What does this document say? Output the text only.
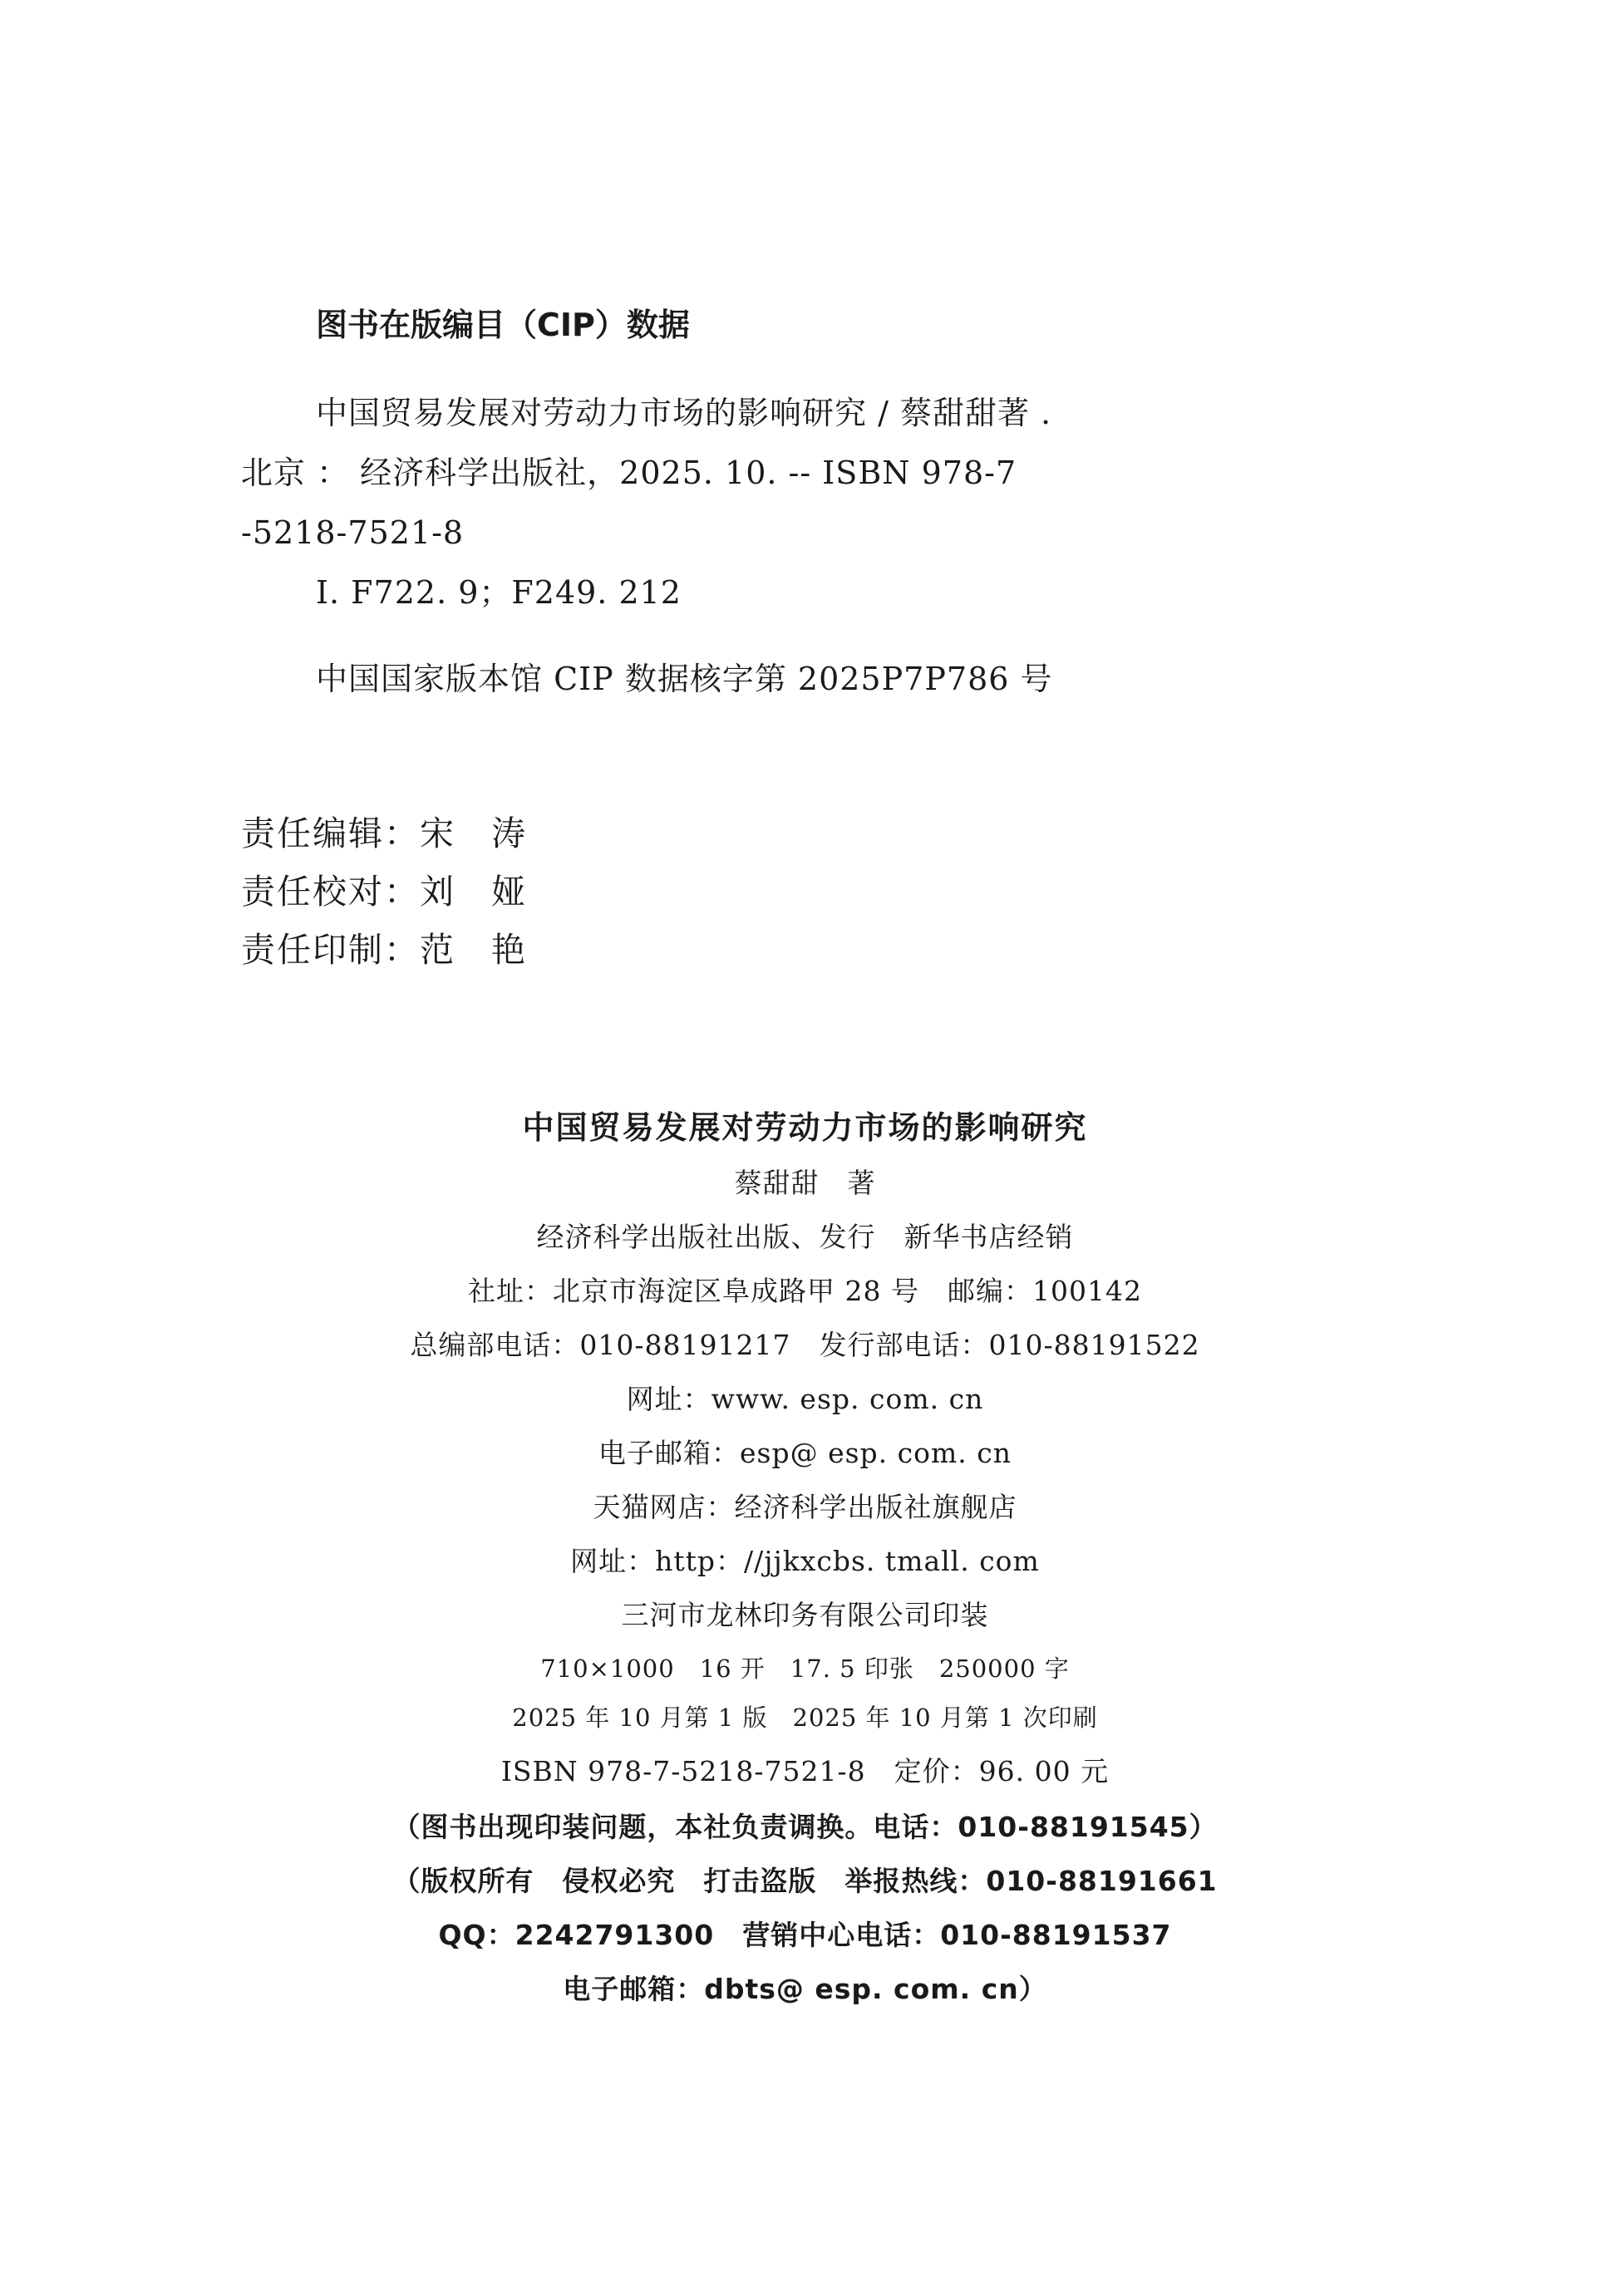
图书在版编目（CIP）数据
中国贸易发展对劳动力市场的影响研究 / 蔡甜甜著 .
北京 ： 经济科学出版社，2025. 10. -- ISBN 978-7
-5218-7521-8
Ⅰ. F722. 9；F249. 212
中国国家版本馆 CIP 数据核字第 2025P7P786 号
责任编辑：宋　涛
责任校对：刘　娅
责任印制：范　艳
中国贸易发展对劳动力市场的影响研究
蔡甜甜　著
经济科学出版社出版、发行　新华书店经销
社址：北京市海淀区阜成路甲 28 号　邮编：100142
总编部电话：010-88191217　发行部电话：010-88191522
网址：www. esp. com. cn
电子邮箱：esp@ esp. com. cn
天猫网店：经济科学出版社旗舰店
网址：http：//jjkxcbs. tmall. com
三河市龙林印务有限公司印装
710×1000　16 开　17. 5 印张　250000 字
2025 年 10 月第 1 版　2025 年 10 月第 1 次印刷
ISBN 978-7-5218-7521-8　定价：96. 00 元
（图书出现印装问题，本社负责调换。电话：010-88191545）
（版权所有　侵权必究　打击盗版　举报热线：010-88191661
QQ：2242791300　营销中心电话：010-88191537
电子邮箱：dbts@ esp. com. cn）
